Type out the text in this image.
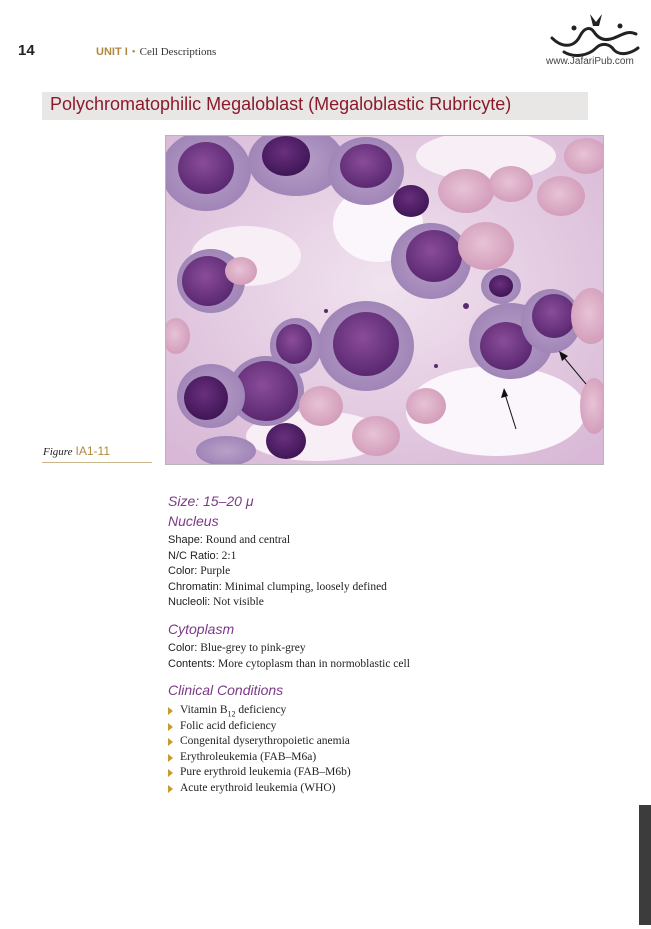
14	UNIT I • Cell Descriptions
www.JafariPub.com
Polychromatophilic Megaloblast (Megaloblastic Rubricyte)
Figure IA1-11
Size: 15–20 μ
Nucleus
Shape: Round and central
N/C Ratio: 2:1
Color: Purple
Chromatin: Minimal clumping, loosely defined
Nucleoli: Not visible
Cytoplasm
Color: Blue-grey to pink-grey
Contents: More cytoplasm than in normoblastic cell
Clinical Conditions
Vitamin $B_{12}$ deficiency
Folic acid deficiency
Congenital dyserythropoietic anemia
Erythroleukemia (FAB–M6a)
Pure erythroid leukemia (FAB–M6b)
Acute erythroid leukemia (WHO)
